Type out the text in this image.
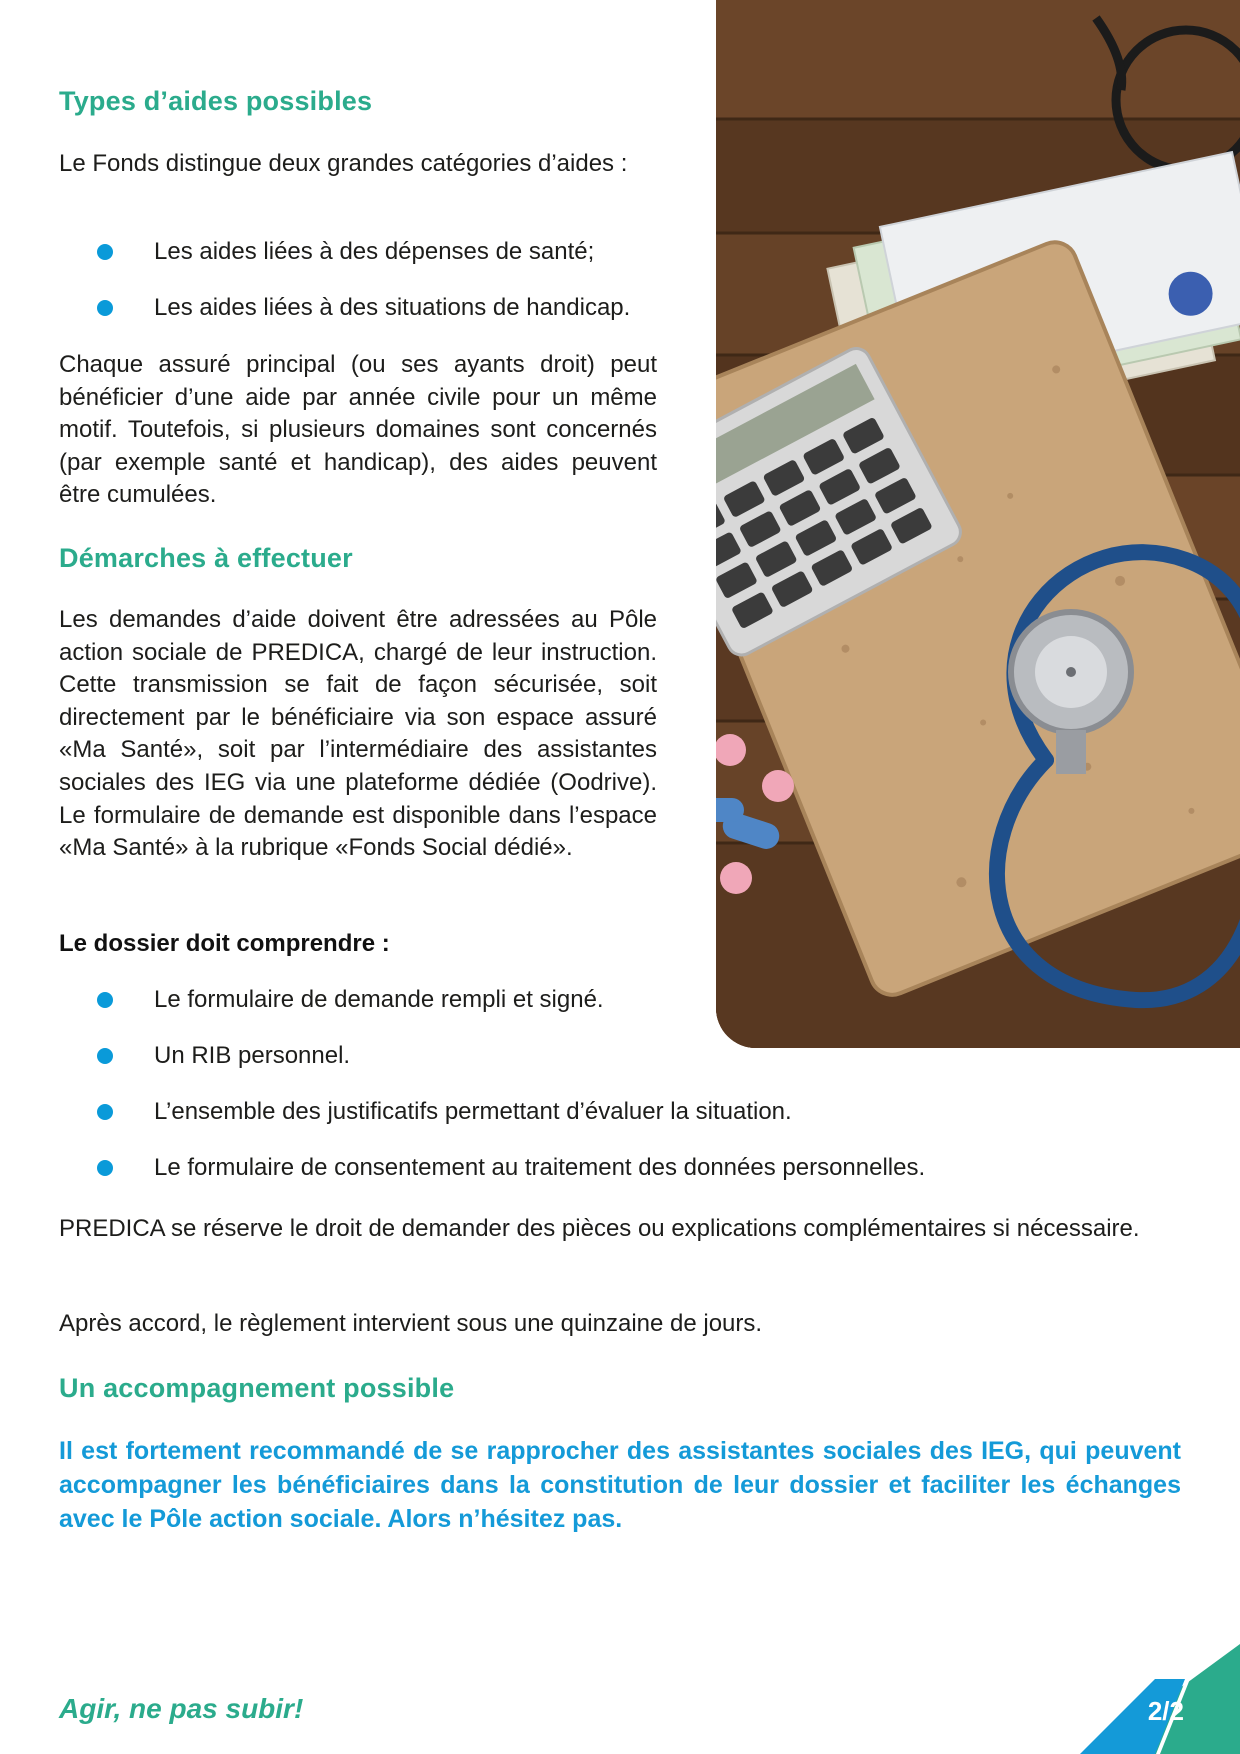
Types d’aides possibles

Le Fonds distingue deux grandes catégories d’aides :

Les aides liées à des dépenses de santé;
Les aides liées à des situations de handicap.

Chaque assuré principal (ou ses ayants droit) peut bénéficier d’une aide par année civile pour un même motif. Toutefois, si plusieurs domaines sont concernés (par exemple santé et handicap), des aides peuvent être cumulées.

Démarches à effectuer

Les demandes d’aide doivent être adressées au Pôle action sociale de PREDICA, chargé de leur instruction. Cette transmission se fait de façon sécurisée, soit directement par le bénéficiaire via son espace assuré «Ma Santé», soit par l’intermédiaire des assistantes sociales des IEG via une plateforme dédiée (Oodrive). Le formulaire de demande est disponible dans l’espace «Ma Santé» à la rubrique «Fonds Social dédié».

Le dossier doit comprendre :

Le formulaire de demande rempli et signé.
Un RIB personnel.
L’ensemble des justificatifs permettant d’évaluer la situation.
Le formulaire de consentement au traitement des données personnelles.

PREDICA se réserve le droit de demander des pièces ou explications complémentaires si nécessaire.

Après accord, le règlement intervient sous une quinzaine de jours.

Un accompagnement possible

Il est fortement recommandé de se rapprocher des assistantes sociales des IEG, qui peuvent accompagner les bénéficiaires dans la constitution de leur dossier et faciliter les échanges avec le Pôle action sociale. Alors n’hésitez pas.

Agir, ne pas subir!	2/2
